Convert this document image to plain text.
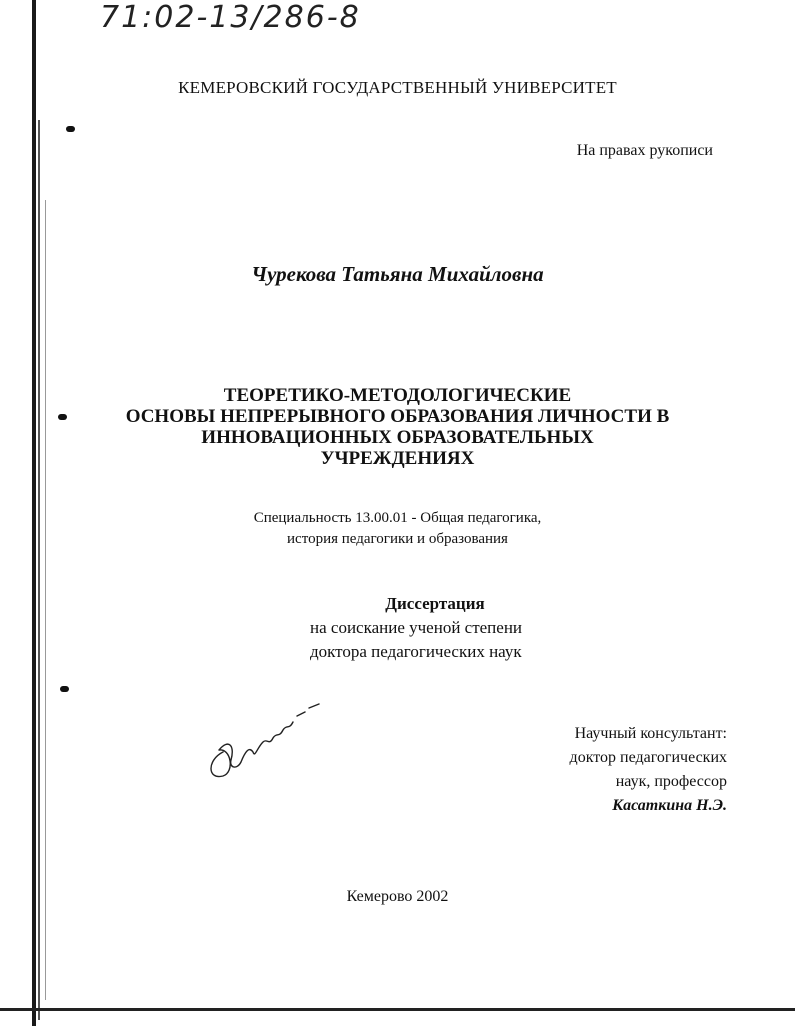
71:02-13/286-8
КЕМЕРОВСКИЙ ГОСУДАРСТВЕННЫЙ УНИВЕРСИТЕТ
На правах рукописи
Чурекова Татьяна Михайловна
ТЕОРЕТИКО-МЕТОДОЛОГИЧЕСКИЕ
ОСНОВЫ НЕПРЕРЫВНОГО ОБРАЗОВАНИЯ ЛИЧНОСТИ В
ИННОВАЦИОННЫХ ОБРАЗОВАТЕЛЬНЫХ
УЧРЕЖДЕНИЯХ
Специальность 13.00.01 - Общая педагогика,
история педагогики и образования
Диссертация
на соискание ученой степени
доктора педагогических наук
Научный консультант:
доктор педагогических
наук, профессор
Касаткина Н.Э.
Кемерово 2002
